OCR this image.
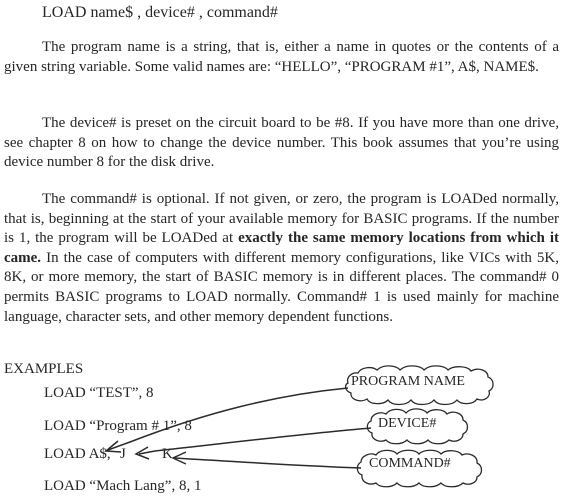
LOAD name$ , device# , command#

The program name is a string, that is, either a name in quotes or the contents of a given string variable. Some valid names are: “HELLO”, “PROGRAM #1”, A$, NAME$.

The device# is preset on the circuit board to be #8. If you have more than one drive, see chapter 8 on how to change the device number. This book assumes that you’re using device number 8 for the disk drive.

The command# is optional. If not given, or zero, the program is LOADed normally, that is, beginning at the start of your available memory for BASIC programs. If the number is 1, the program will be LOADed at exactly the same memory locations from which it came. In the case of computers with different memory configurations, like VICs with 5K, 8K, or more memory, the start of BASIC memory is in different places. The command# 0 permits BASIC programs to LOAD normally. Command# 1 is used mainly for machine language, character sets, and other memory dependent functions.

EXAMPLES
LOAD “TEST”, 8
LOAD “Program # 1”, 8
LOAD A$, J K
LOAD “Mach Lang”, 8, 1
PROGRAM NAME
DEVICE#
COMMAND#
